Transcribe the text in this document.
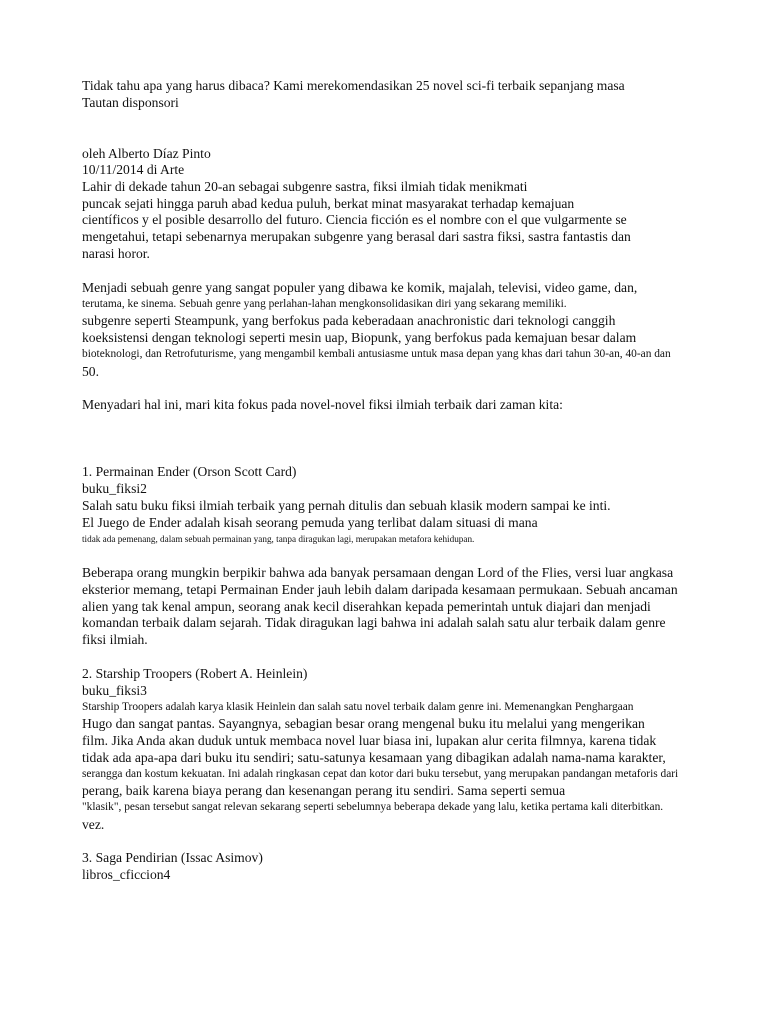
Tidak tahu apa yang harus dibaca? Kami merekomendasikan 25 novel sci-fi terbaik sepanjang masa
Tautan disponsori
oleh Alberto Díaz Pinto
10/11/2014 di Arte
Lahir di dekade tahun 20-an sebagai subgenre sastra, fiksi ilmiah tidak menikmati
puncak sejati hingga paruh abad kedua puluh, berkat minat masyarakat terhadap kemajuan
científicos y el posible desarrollo del futuro. Ciencia ficción es el nombre con el que vulgarmente se
mengetahui, tetapi sebenarnya merupakan subgenre yang berasal dari sastra fiksi, sastra fantastis dan
narasi horor.
Menjadi sebuah genre yang sangat populer yang dibawa ke komik, majalah, televisi, video game, dan,
terutama, ke sinema. Sebuah genre yang perlahan-lahan mengkonsolidasikan diri yang sekarang memiliki.
subgenre seperti Steampunk, yang berfokus pada keberadaan anachronistic dari teknologi canggih
koeksistensi dengan teknologi seperti mesin uap, Biopunk, yang berfokus pada kemajuan besar dalam
bioteknologi, dan Retrofuturisme, yang mengambil kembali antusiasme untuk masa depan yang khas dari tahun 30-an, 40-an dan
50.
Menyadari hal ini, mari kita fokus pada novel-novel fiksi ilmiah terbaik dari zaman kita:
1. Permainan Ender (Orson Scott Card)
buku_fiksi2
Salah satu buku fiksi ilmiah terbaik yang pernah ditulis dan sebuah klasik modern sampai ke inti.
El Juego de Ender adalah kisah seorang pemuda yang terlibat dalam situasi di mana
tidak ada pemenang, dalam sebuah permainan yang, tanpa diragukan lagi, merupakan metafora kehidupan.
Beberapa orang mungkin berpikir bahwa ada banyak persamaan dengan Lord of the Flies, versi luar angkasa
eksterior memang, tetapi Permainan Ender jauh lebih dalam daripada kesamaan permukaan. Sebuah ancaman
alien yang tak kenal ampun, seorang anak kecil diserahkan kepada pemerintah untuk diajari dan menjadi
komandan terbaik dalam sejarah. Tidak diragukan lagi bahwa ini adalah salah satu alur terbaik dalam genre
fiksi ilmiah.
2. Starship Troopers (Robert A. Heinlein)
buku_fiksi3
Starship Troopers adalah karya klasik Heinlein dan salah satu novel terbaik dalam genre ini. Memenangkan Penghargaan
Hugo dan sangat pantas. Sayangnya, sebagian besar orang mengenal buku itu melalui yang mengerikan
film. Jika Anda akan duduk untuk membaca novel luar biasa ini, lupakan alur cerita filmnya, karena tidak
tidak ada apa-apa dari buku itu sendiri; satu-satunya kesamaan yang dibagikan adalah nama-nama karakter,
serangga dan kostum kekuatan. Ini adalah ringkasan cepat dan kotor dari buku tersebut, yang merupakan pandangan metaforis dari
perang, baik karena biaya perang dan kesenangan perang itu sendiri. Sama seperti semua
"klasik", pesan tersebut sangat relevan sekarang seperti sebelumnya beberapa dekade yang lalu, ketika pertama kali diterbitkan.
vez.
3. Saga Pendirian (Issac Asimov)
libros_cficcion4
